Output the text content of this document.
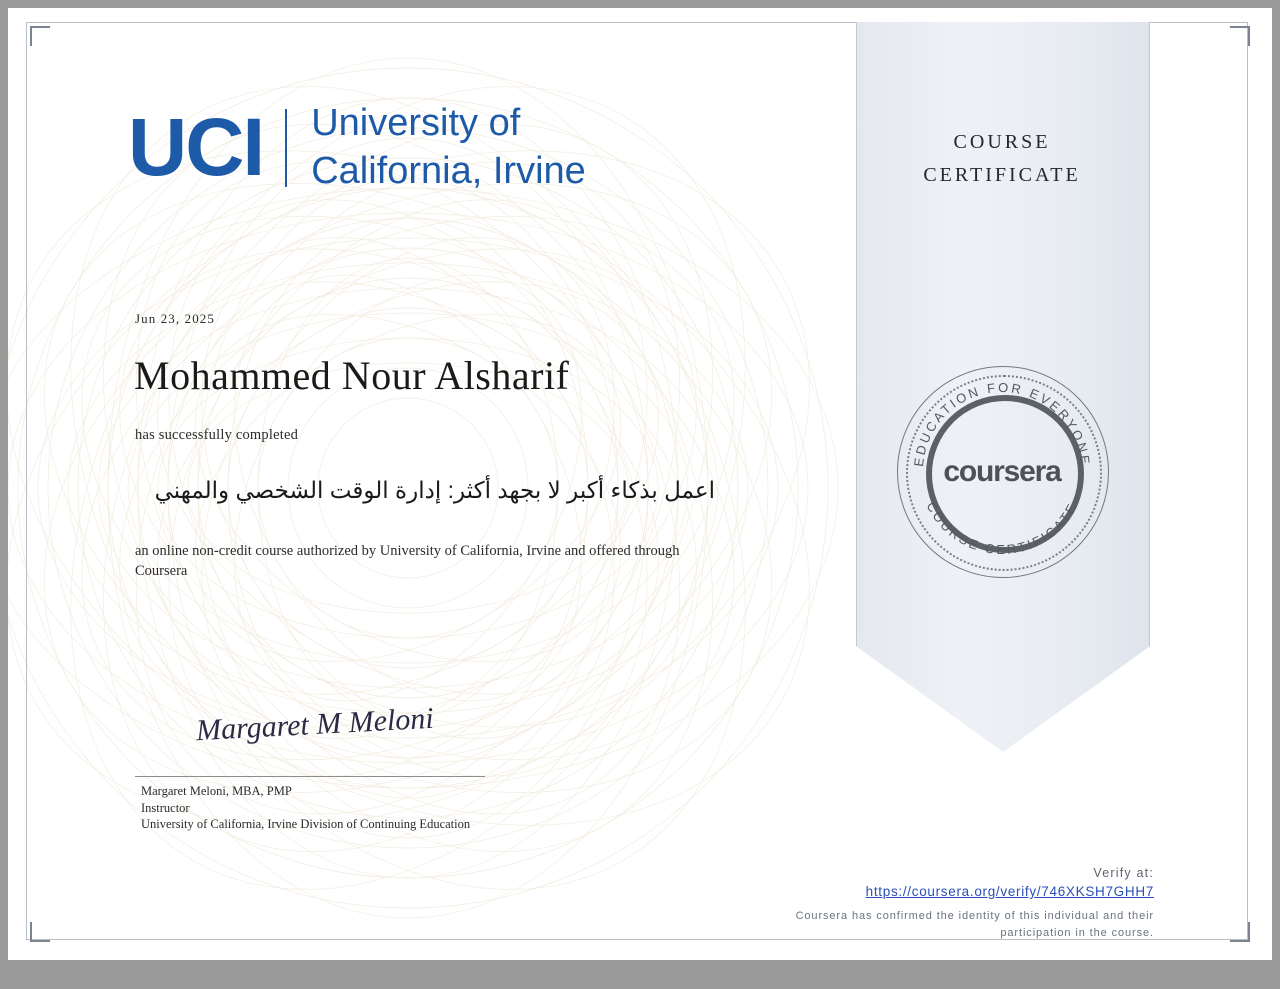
UCI University of
California, Irvine
Jun 23, 2025
Mohammed Nour Alsharif
has successfully completed
اعمل بذكاء أكبر لا بجهد أكثر: إدارة الوقت الشخصي والمهني
an online non-credit course authorized by University of California, Irvine and offered through Coursera
Margaret M Meloni
Margaret Meloni, MBA, PMP
Instructor
University of California, Irvine Division of Continuing Education
Verify at:
https://coursera.org/verify/746XKSH7GHH7
Coursera has confirmed the identity of this individual and their participation in the course.
COURSE
CERTIFICATE
EDUCATION FOR EVERYONE
COURSE CERTIFICATE
coursera
